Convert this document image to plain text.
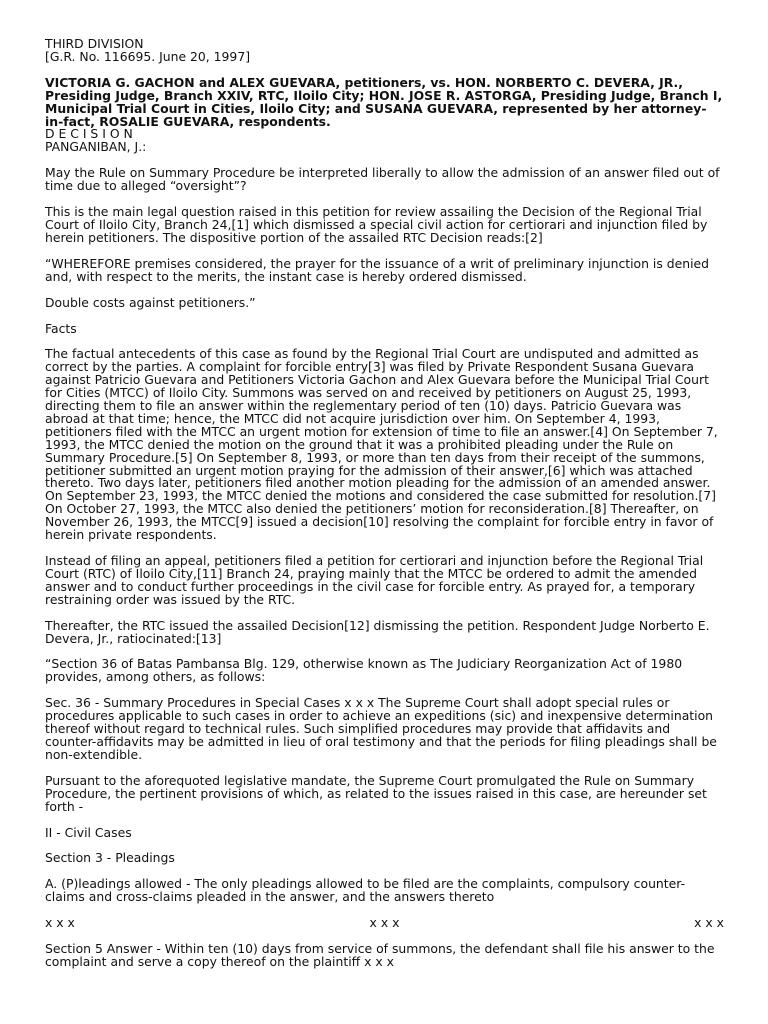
THIRD DIVISION

[G.R. No. 116695. June 20, 1997]

VICTORIA G. GACHON and ALEX GUEVARA, petitioners, vs. HON. NORBERTO C. DEVERA, JR., Presiding Judge, Branch XXIV, RTC, Iloilo City; HON. JOSE R. ASTORGA, Presiding Judge, Branch I, Municipal Trial Court in Cities, Iloilo City; and SUSANA GUEVARA, represented by her attorney-in-fact, ROSALIE GUEVARA, respondents.

D E C I S I O N

PANGANIBAN, J.:

May the Rule on Summary Procedure be interpreted liberally to allow the admission of an answer filed out of time due to alleged “oversight”?

This is the main legal question raised in this petition for review assailing the Decision of the Regional Trial Court of Iloilo City, Branch 24,[1] which dismissed a special civil action for certiorari and injunction filed by herein petitioners. The dispositive portion of the assailed RTC Decision reads:[2]

“WHEREFORE premises considered, the prayer for the issuance of a writ of preliminary injunction is denied and, with respect to the merits, the instant case is hereby ordered dismissed.

Double costs against petitioners.”

Facts

The factual antecedents of this case as found by the Regional Trial Court are undisputed and admitted as correct by the parties. A complaint for forcible entry[3] was filed by Private Respondent Susana Guevara against Patricio Guevara and Petitioners Victoria Gachon and Alex Guevara before the Municipal Trial Court for Cities (MTCC) of Iloilo City. Summons was served on and received by petitioners on August 25, 1993, directing them to file an answer within the reglementary period of ten (10) days. Patricio Guevara was abroad at that time; hence, the MTCC did not acquire jurisdiction over him. On September 4, 1993, petitioners filed with the MTCC an urgent motion for extension of time to file an answer.[4] On September 7, 1993, the MTCC denied the motion on the ground that it was a prohibited pleading under the Rule on Summary Procedure.[5] On September 8, 1993, or more than ten days from their receipt of the summons, petitioner submitted an urgent motion praying for the admission of their answer,[6] which was attached thereto. Two days later, petitioners filed another motion pleading for the admission of an amended answer. On September 23, 1993, the MTCC denied the motions and considered the case submitted for resolution.[7] On October 27, 1993, the MTCC also denied the petitioners’ motion for reconsideration.[8] Thereafter, on November 26, 1993, the MTCC[9] issued a decision[10] resolving the complaint for forcible entry in favor of herein private respondents.

Instead of filing an appeal, petitioners filed a petition for certiorari and injunction before the Regional Trial Court (RTC) of Iloilo City,[11] Branch 24, praying mainly that the MTCC be ordered to admit the amended answer and to conduct further proceedings in the civil case for forcible entry. As prayed for, a temporary restraining order was issued by the RTC.

Thereafter, the RTC issued the assailed Decision[12] dismissing the petition. Respondent Judge Norberto E. Devera, Jr., ratiocinated:[13]

“Section 36 of Batas Pambansa Blg. 129, otherwise known as The Judiciary Reorganization Act of 1980 provides, among others, as follows:

Sec. 36 - Summary Procedures in Special Cases x x x The Supreme Court shall adopt special rules or procedures applicable to such cases in order to achieve an expeditions (sic) and inexpensive determination thereof without regard to technical rules. Such simplified procedures may provide that affidavits and counter-affidavits may be admitted in lieu of oral testimony and that the periods for filing pleadings shall be non-extendible.

Pursuant to the aforequoted legislative mandate, the Supreme Court promulgated the Rule on Summary Procedure, the pertinent provisions of which, as related to the issues raised in this case, are hereunder set forth -

II - Civil Cases

Section 3 - Pleadings

A. (P)leadings allowed - The only pleadings allowed to be filed are the complaints, compulsory counter-claims and cross-claims pleaded in the answer, and the answers thereto

x x x	x x x	x x x

Section 5 Answer - Within ten (10) days from service of summons, the defendant shall file his answer to the complaint and serve a copy thereof on the plaintiff x x x
